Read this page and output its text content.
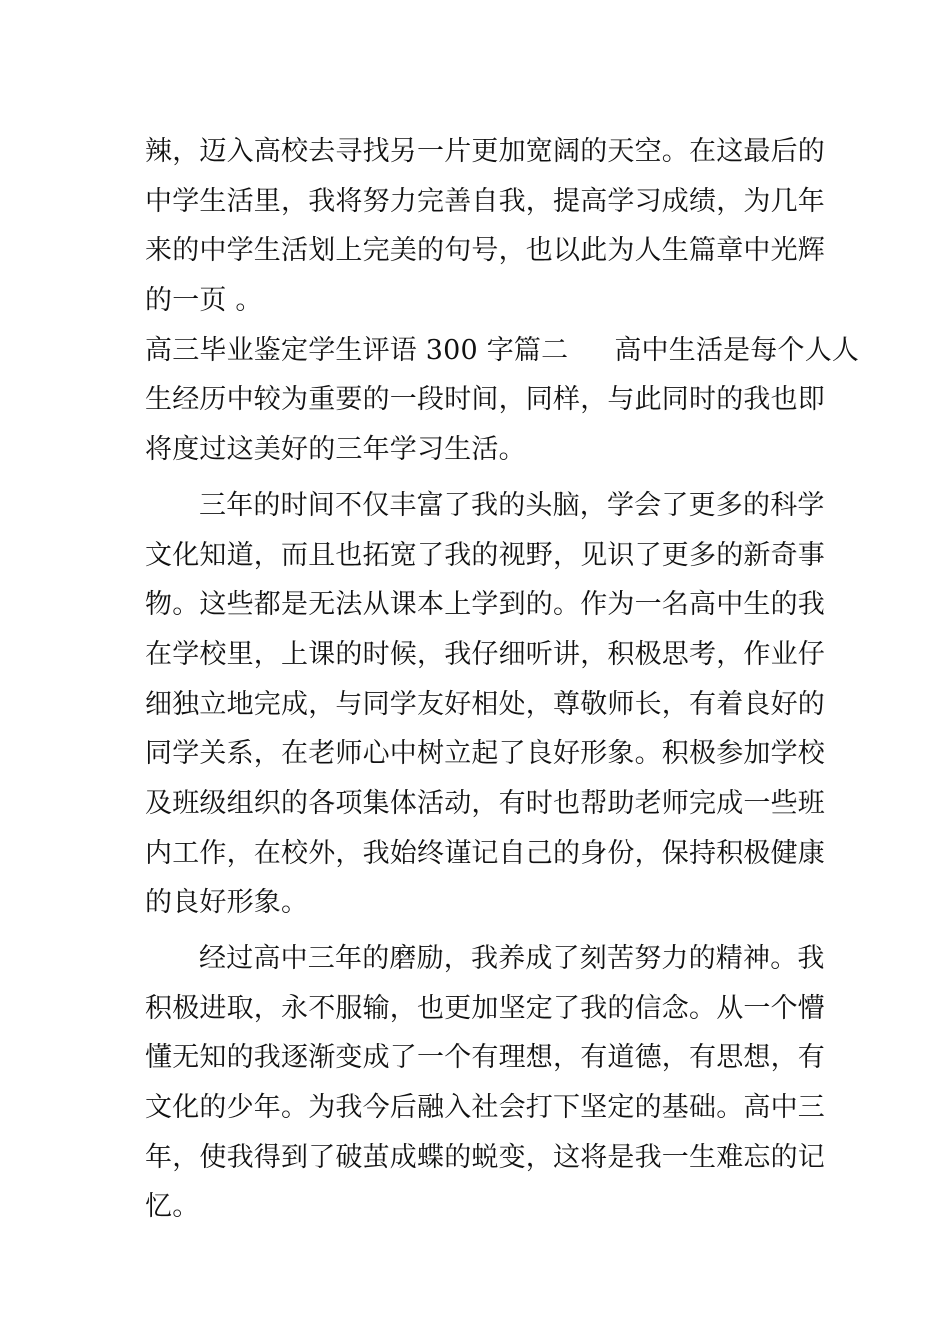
辣，迈入高校去寻找另一片更加宽阔的天空。在这最后的
中学生活里，我将努力完善自我，提高学习成绩，为几年
来的中学生活划上完美的句号，也以此为人生篇章中光辉
的一页 。
高三毕业鉴定学生评语 300 字篇二 高中生活是每个人人
生经历中较为重要的一段时间，同样，与此同时的我也即
将度过这美好的三年学习生活。
三年的时间不仅丰富了我的头脑，学会了更多的科学
文化知道，而且也拓宽了我的视野，见识了更多的新奇事
物。这些都是无法从课本上学到的。作为一名高中生的我
在学校里，上课的时候，我仔细听讲，积极思考，作业仔
细独立地完成，与同学友好相处，尊敬师长，有着良好的
同学关系，在老师心中树立起了良好形象。积极参加学校
及班级组织的各项集体活动，有时也帮助老师完成一些班
内工作，在校外，我始终谨记自己的身份，保持积极健康
的良好形象。
经过高中三年的磨励，我养成了刻苦努力的精神。我
积极进取，永不服输，也更加坚定了我的信念。从一个懵
懂无知的我逐渐变成了一个有理想，有道德，有思想，有
文化的少年。为我今后融入社会打下坚定的基础。高中三
年，使我得到了破茧成蝶的蜕变，这将是我一生难忘的记
忆。
